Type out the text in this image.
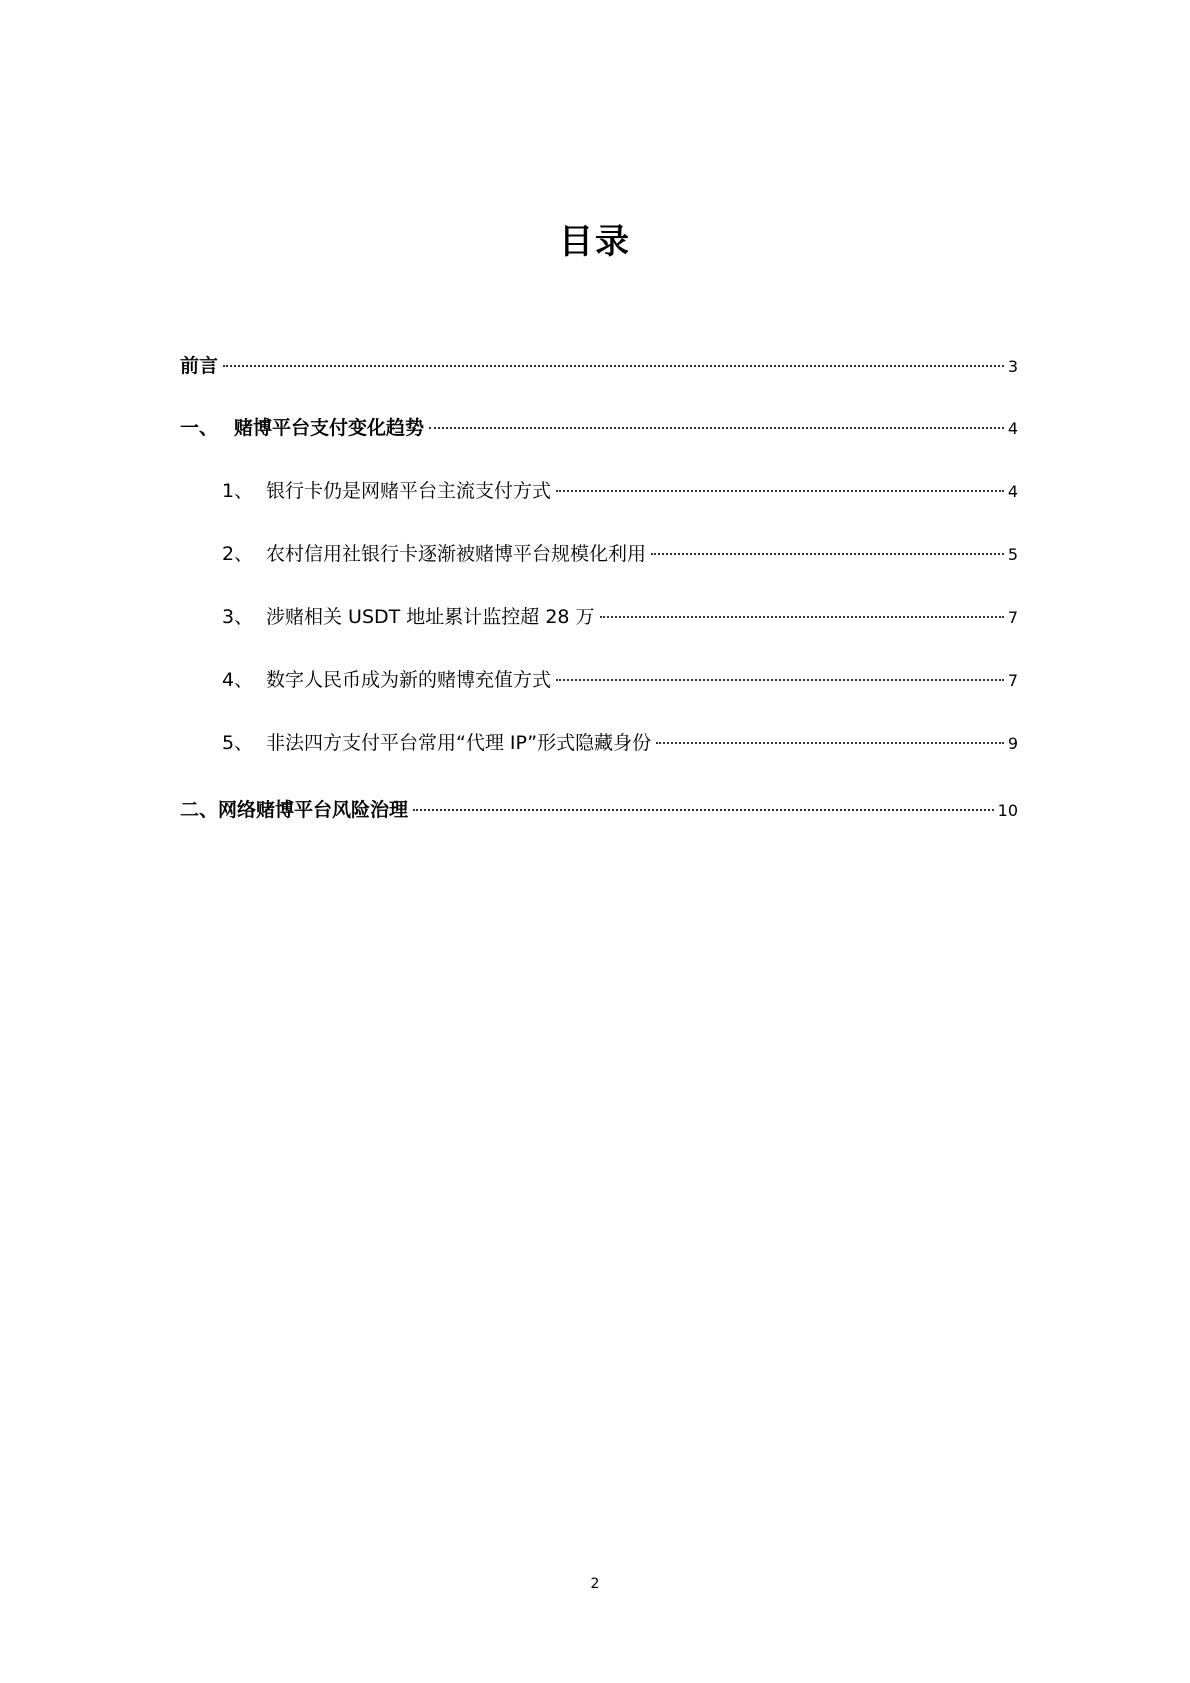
目录
前言	3
一、 赌博平台支付变化趋势	4
1、 银行卡仍是网赌平台主流支付方式	4
2、 农村信用社银行卡逐渐被赌博平台规模化利用	5
3、 涉赌相关 USDT 地址累计监控超 28 万	7
4、 数字人民币成为新的赌博充值方式	7
5、 非法四方支付平台常用“代理 IP”形式隐藏身份	9
二、网络赌博平台风险治理	10
2
